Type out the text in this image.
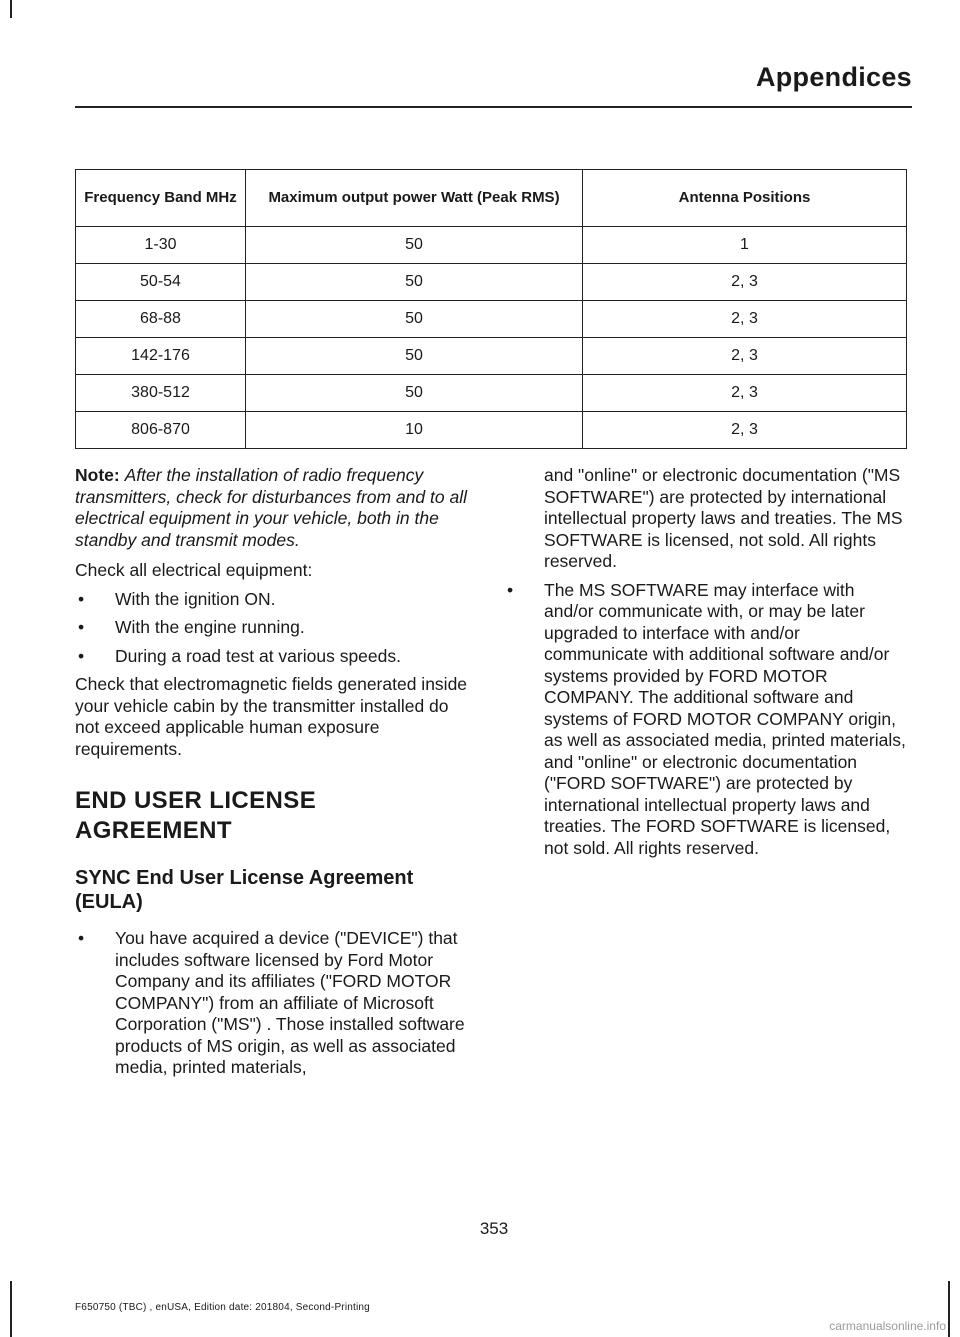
Appendices
Frequency Band MHz	Maximum output power Watt (Peak RMS)	Antenna Positions
1-30	50	1
50-54	50	2, 3
68-88	50	2, 3
142-176	50	2, 3
380-512	50	2, 3
806-870	10	2, 3

Note: After the installation of radio frequency transmitters, check for disturbances from and to all electrical equipment in your vehicle, both in the standby and transmit modes.

Check all electrical equipment:

• With the ignition ON.
• With the engine running.
• During a road test at various speeds.

Check that electromagnetic fields generated inside your vehicle cabin by the transmitter installed do not exceed applicable human exposure requirements.

END USER LICENSE AGREEMENT
SYNC End User License Agreement (EULA)
• You have acquired a device ("DEVICE") that includes software licensed by Ford Motor Company and its affiliates ("FORD MOTOR COMPANY") from an affiliate of Microsoft Corporation ("MS") . Those installed software products of MS origin, as well as associated media, printed materials,
and "online" or electronic documentation ("MS SOFTWARE") are protected by international intellectual property laws and treaties. The MS SOFTWARE is licensed, not sold. All rights reserved.
• The MS SOFTWARE may interface with and/or communicate with, or may be later upgraded to interface with and/or communicate with additional software and/or systems provided by FORD MOTOR COMPANY. The additional software and systems of FORD MOTOR COMPANY origin, as well as associated media, printed materials, and "online" or electronic documentation ("FORD SOFTWARE") are protected by international intellectual property laws and treaties. The FORD SOFTWARE is licensed, not sold. All rights reserved.
353
F650750 (TBC) , enUSA, Edition date: 201804, Second-Printing
carmanualsonline.info
